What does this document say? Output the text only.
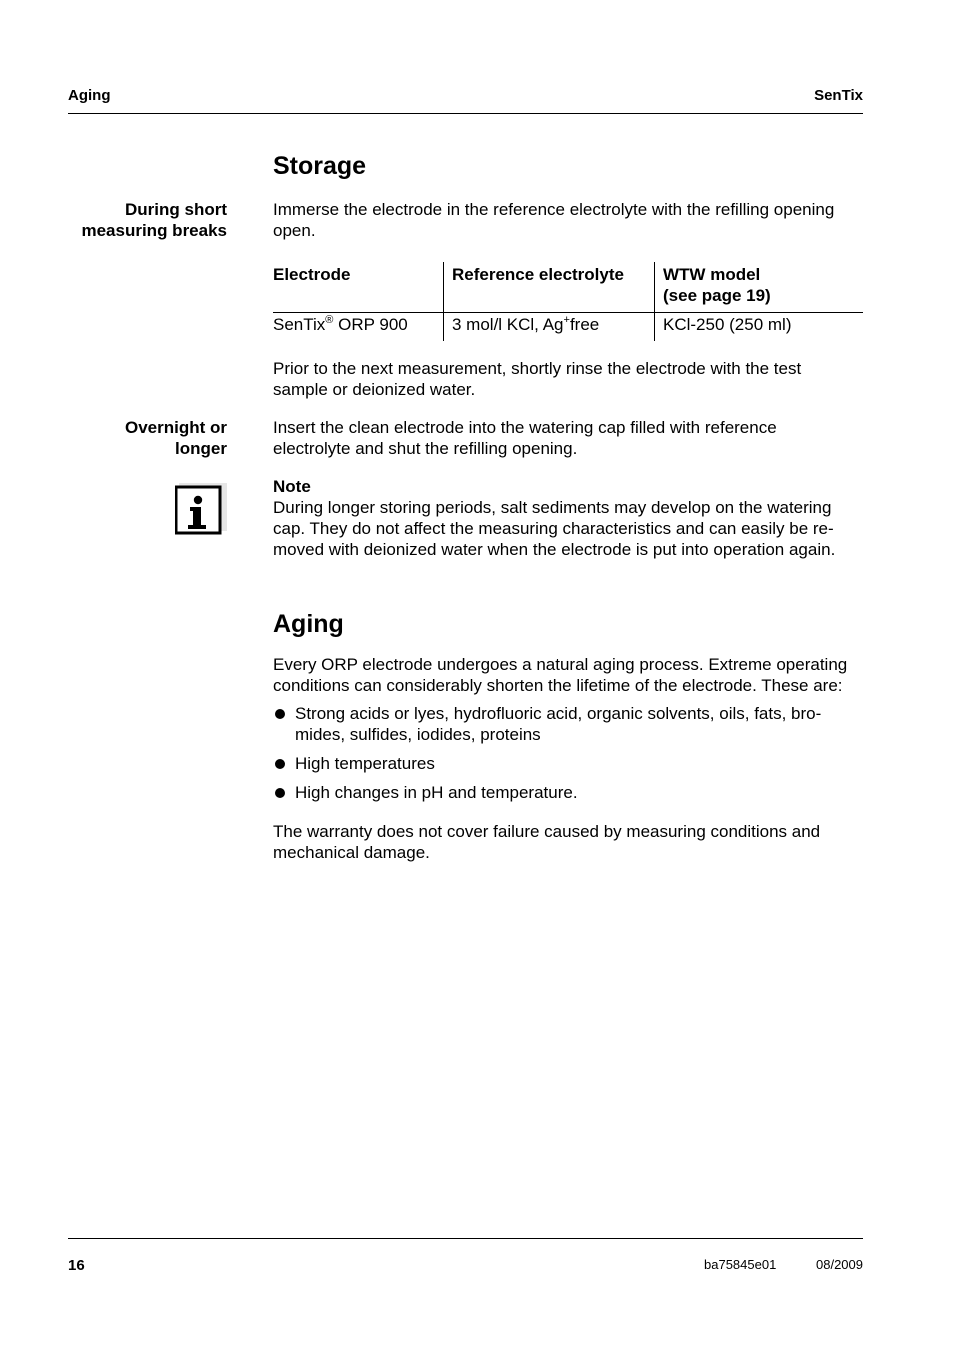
Aging	SenTix
Storage
During short
measuring breaks
Immerse the electrode in the reference electrolyte with the refilling opening open.
Electrode	Reference electrolyte	WTW model
(see page 19)

SenTix® ORP 900	3 mol/l KCl, Ag+free	KCl-250 (250 ml)
Prior to the next measurement, shortly rinse the electrode with the test sample or deionized water.
Overnight or
longer
Insert the clean electrode into the watering cap filled with reference electrolyte and shut the refilling opening.
Note
During longer storing periods, salt sediments may develop on the watering cap. They do not affect the measuring characteristics and can easily be re-moved with deionized water when the electrode is put into operation again.
Aging
Every ORP electrode undergoes a natural aging process. Extreme operating conditions can considerably shorten the lifetime of the electrode. These are:
Strong acids or lyes, hydrofluoric acid, organic solvents, oils, fats, bro-mides, sulfides, iodides, proteins
High temperatures
High changes in pH and temperature.
The warranty does not cover failure caused by measuring conditions and mechanical damage.
16	ba75845e01	08/2009
